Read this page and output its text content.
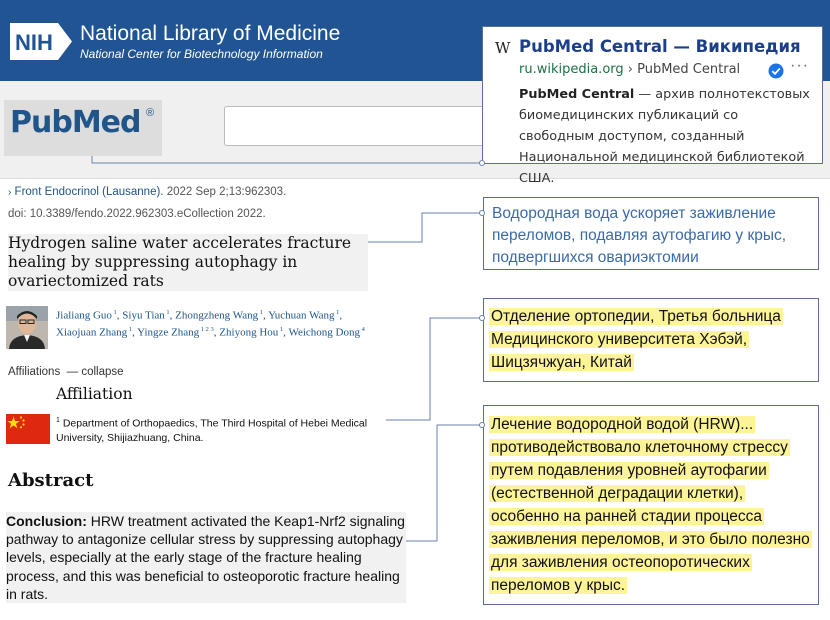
NIH National Library of Medicine
National Center for Biotechnology Information
PubMed ®
W PubMed Central — Википедия
ru.wikipedia.org › PubMed Central	···
PubMed Central — архив полнотекстовых биомедицинских публикаций со свободным доступом, созданный Национальной медицинской библиотекой США.
› Front Endocrinol (Lausanne). 2022 Sep 2;13:962303.
doi: 10.3389/fendo.2022.962303.eCollection 2022.
Hydrogen saline water accelerates fracture healing by suppressing autophagy in ovariectomized rats
Jialiang Guo $^1$, Siyu Tian $^1$, Zhongzheng Wang $^1$, Yuchuan Wang $^1$, Xiaojuan Zhang $^1$, Yingze Zhang $^{1 2 3}$, Zhiyong Hou $^1$, Weichong Dong $^4$
Affiliations  — collapse
Affiliation
$^1$ Department of Orthopaedics, The Third Hospital of Hebei Medical University, Shijiazhuang, China.
Abstract
Conclusion: HRW treatment activated the Keap1-Nrf2 signaling pathway to antagonize cellular stress by suppressing autophagy levels, especially at the early stage of the fracture healing process, and this was beneficial to osteoporotic fracture healing in rats.
Водородная вода ускоряет заживление переломов, подавляя аутофагию у крыс, подвергшихся овариэктомии
Отделение ортопедии, Третья больница Медицинского университета Хэбэй, Шицзячжуан, Китай
Лечение водородной водой (HRW)... противодействовало клеточному стрессу путем подавления уровней аутофагии (естественной деградации клетки), особенно на ранней стадии процесса заживления переломов, и это было полезно для заживления остеопоротических переломов у крыс.
